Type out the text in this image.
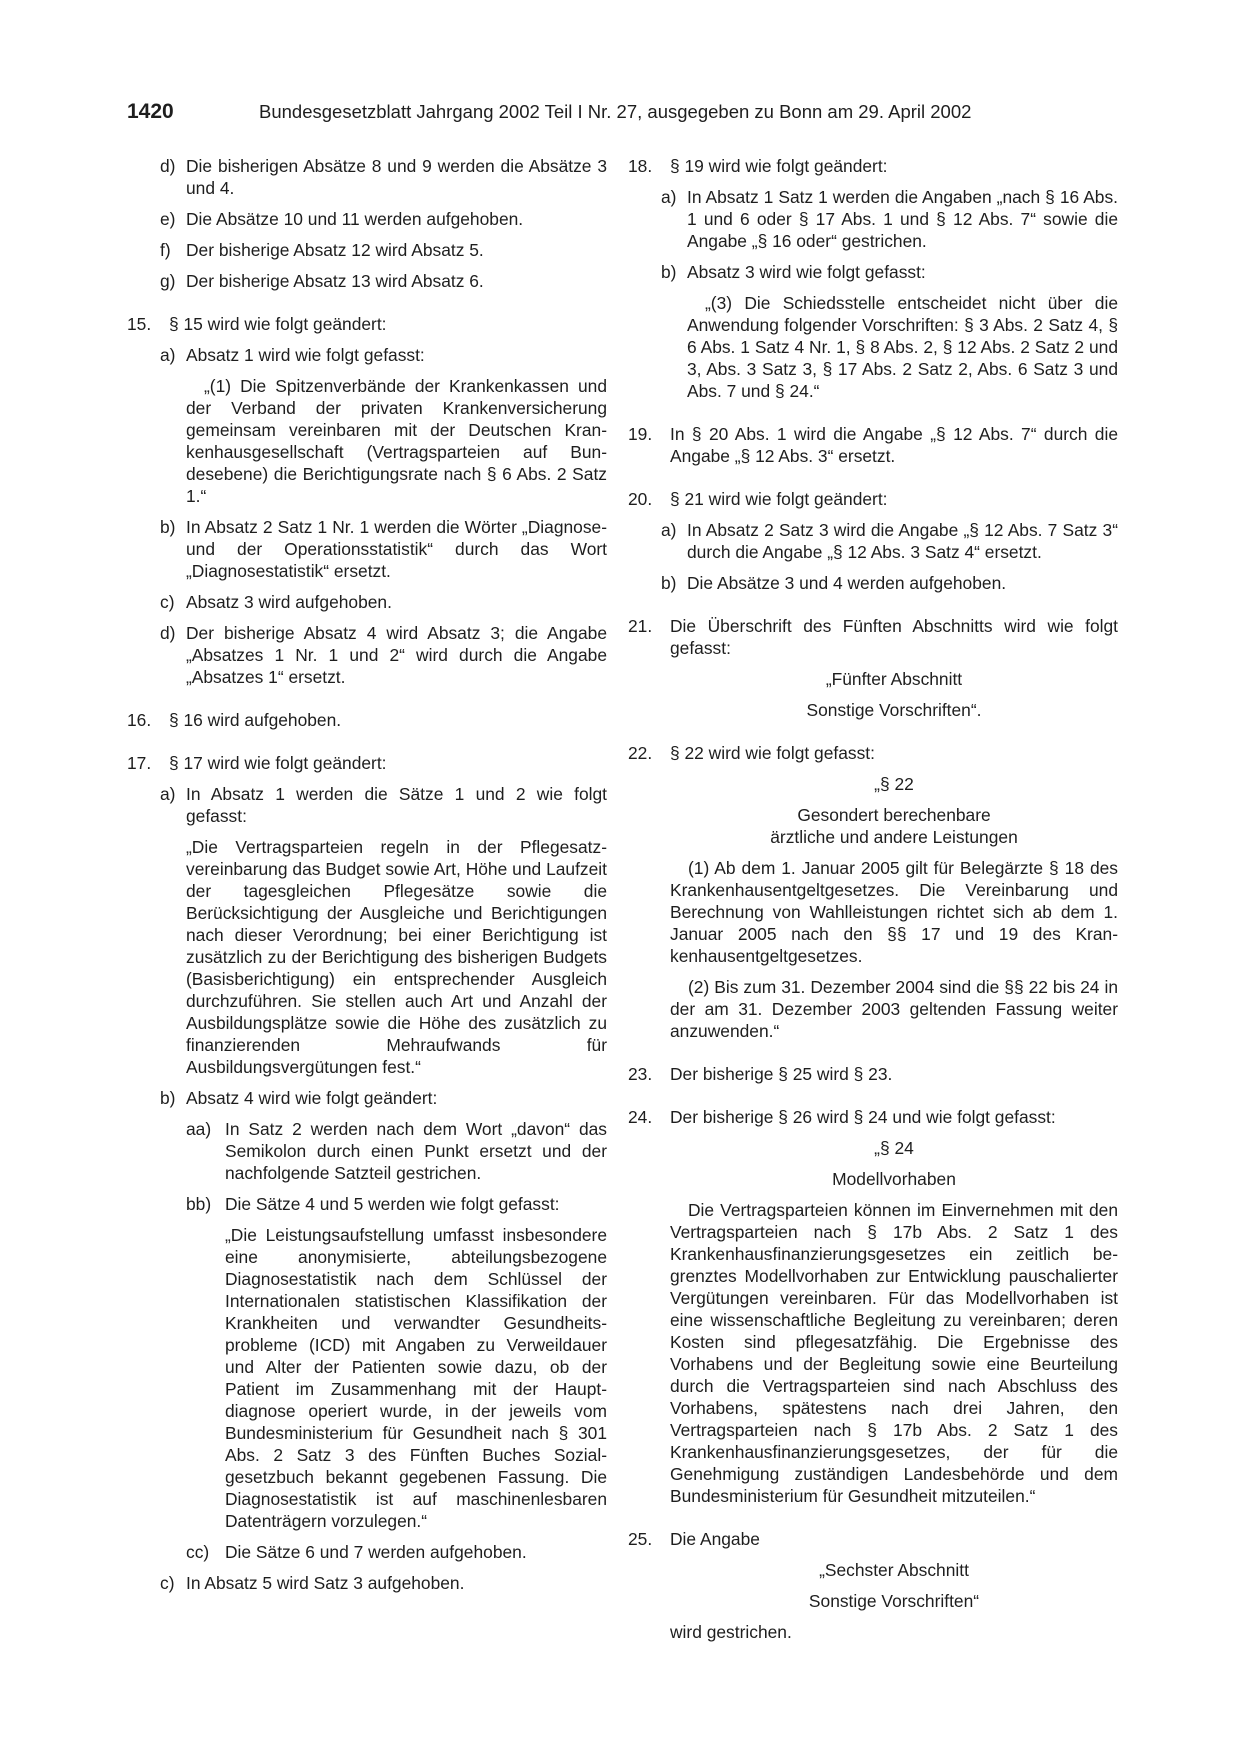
1420	Bundesgesetzblatt Jahrgang 2002 Teil I Nr. 27, ausgegeben zu Bonn am 29. April 2002
d) Die bisherigen Absätze 8 und 9 werden die Absätze 3 und 4.
e) Die Absätze 10 und 11 werden aufgehoben.
f) Der bisherige Absatz 12 wird Absatz 5.
g) Der bisherige Absatz 13 wird Absatz 6.
15. § 15 wird wie folgt geändert:
a) Absatz 1 wird wie folgt gefasst:
„(1) Die Spitzenverbände der Krankenkassen und der Verband der privaten Krankenversicherung gemeinsam vereinbaren mit der Deutschen Krankenhausgesellschaft (Vertragsparteien auf Bundesebene) die Berichtigungsrate nach § 6 Abs. 2 Satz 1.“
b) In Absatz 2 Satz 1 Nr. 1 werden die Wörter „Diagnose- und der Operationsstatistik“ durch das Wort „Diagnosestatistik“ ersetzt.
c) Absatz 3 wird aufgehoben.
d) Der bisherige Absatz 4 wird Absatz 3; die Angabe „Absatzes 1 Nr. 1 und 2“ wird durch die Angabe „Absatzes 1“ ersetzt.
16. § 16 wird aufgehoben.
17. § 17 wird wie folgt geändert:
a) In Absatz 1 werden die Sätze 1 und 2 wie folgt gefasst:
„Die Vertragsparteien regeln in der Pflegesatzvereinbarung das Budget sowie Art, Höhe und Laufzeit der tagesgleichen Pflegesätze sowie die Berücksichtigung der Ausgleiche und Berichtigungen nach dieser Verordnung; bei einer Berichtigung ist zusätzlich zu der Berichtigung des bisherigen Budgets (Basisberichtigung) ein entsprechender Ausgleich durchzuführen. Sie stellen auch Art und Anzahl der Ausbildungsplätze sowie die Höhe des zusätzlich zu finanzierenden Mehraufwands für Ausbildungsvergütungen fest.“
b) Absatz 4 wird wie folgt geändert:
aa) In Satz 2 werden nach dem Wort „davon“ das Semikolon durch einen Punkt ersetzt und der nachfolgende Satzteil gestrichen.
bb) Die Sätze 4 und 5 werden wie folgt gefasst:
„Die Leistungsaufstellung umfasst insbesondere eine anonymisierte, abteilungsbezogene Diagnosestatistik nach dem Schlüssel der Internationalen statistischen Klassifikation der Krankheiten und verwandter Gesundheitsprobleme (ICD) mit Angaben zu Verweildauer und Alter der Patienten sowie dazu, ob der Patient im Zusammenhang mit der Hauptdiagnose operiert wurde, in der jeweils vom Bundesministerium für Gesundheit nach § 301 Abs. 2 Satz 3 des Fünften Buches Sozialgesetzbuch bekannt gegebenen Fassung. Die Diagnosestatistik ist auf maschinenlesbaren Datenträgern vorzulegen.“
cc) Die Sätze 6 und 7 werden aufgehoben.
c) In Absatz 5 wird Satz 3 aufgehoben.
18. § 19 wird wie folgt geändert:
a) In Absatz 1 Satz 1 werden die Angaben „nach § 16 Abs. 1 und 6 oder § 17 Abs. 1 und § 12 Abs. 7“ sowie die Angabe „§ 16 oder“ gestrichen.
b) Absatz 3 wird wie folgt gefasst:
„(3) Die Schiedsstelle entscheidet nicht über die Anwendung folgender Vorschriften: § 3 Abs. 2 Satz 4, § 6 Abs. 1 Satz 4 Nr. 1, § 8 Abs. 2, § 12 Abs. 2 Satz 2 und 3, Abs. 3 Satz 3, § 17 Abs. 2 Satz 2, Abs. 6 Satz 3 und Abs. 7 und § 24.“
19. In § 20 Abs. 1 wird die Angabe „§ 12 Abs. 7“ durch die Angabe „§ 12 Abs. 3“ ersetzt.
20. § 21 wird wie folgt geändert:
a) In Absatz 2 Satz 3 wird die Angabe „§ 12 Abs. 7 Satz 3“ durch die Angabe „§ 12 Abs. 3 Satz 4“ ersetzt.
b) Die Absätze 3 und 4 werden aufgehoben.
21. Die Überschrift des Fünften Abschnitts wird wie folgt gefasst:
„Fünfter Abschnitt
Sonstige Vorschriften“.
22. § 22 wird wie folgt gefasst:
„§ 22
Gesondert berechenbare
ärztliche und andere Leistungen
(1) Ab dem 1. Januar 2005 gilt für Belegärzte § 18 des Krankenhausentgeltgesetzes. Die Vereinbarung und Berechnung von Wahlleistungen richtet sich ab dem 1. Januar 2005 nach den §§ 17 und 19 des Krankenhausentgeltgesetzes.
(2) Bis zum 31. Dezember 2004 sind die §§ 22 bis 24 in der am 31. Dezember 2003 geltenden Fassung weiter anzuwenden.“
23. Der bisherige § 25 wird § 23.
24. Der bisherige § 26 wird § 24 und wie folgt gefasst:
„§ 24
Modellvorhaben
Die Vertragsparteien können im Einvernehmen mit den Vertragsparteien nach § 17b Abs. 2 Satz 1 des Krankenhausfinanzierungsgesetzes ein zeitlich begrenztes Modellvorhaben zur Entwicklung pauschalierter Vergütungen vereinbaren. Für das Modellvorhaben ist eine wissenschaftliche Begleitung zu vereinbaren; deren Kosten sind pflegesatzfähig. Die Ergebnisse des Vorhabens und der Begleitung sowie eine Beurteilung durch die Vertragsparteien sind nach Abschluss des Vorhabens, spätestens nach drei Jahren, den Vertragsparteien nach § 17b Abs. 2 Satz 1 des Krankenhausfinanzierungsgesetzes, der für die Genehmigung zuständigen Landesbehörde und dem Bundesministerium für Gesundheit mitzuteilen.“
25. Die Angabe
„Sechster Abschnitt
Sonstige Vorschriften“
wird gestrichen.
